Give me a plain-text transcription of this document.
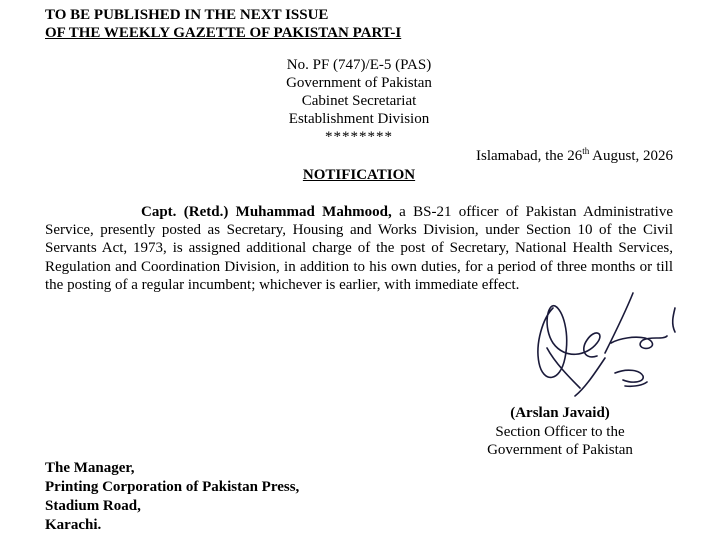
TO BE PUBLISHED IN THE NEXT ISSUE
OF THE WEEKLY GAZETTE OF PAKISTAN PART-I
No. PF (747)/E-5 (PAS)
Government of Pakistan
Cabinet Secretariat
Establishment Division
********
Islamabad, the 26th August, 2026
NOTIFICATION
Capt. (Retd.) Muhammad Mahmood, a BS-21 officer of Pakistan Administrative Service, presently posted as Secretary, Housing and Works Division, under Section 10 of the Civil Servants Act, 1973, is assigned additional charge of the post of Secretary, National Health Services, Regulation and Coordination Division, in addition to his own duties, for a period of three months or till the posting of a regular incumbent; whichever is earlier, with immediate effect.
(Arslan Javaid)
Section Officer to the
Government of Pakistan
The Manager,
Printing Corporation of Pakistan Press,
Stadium Road,
Karachi.
